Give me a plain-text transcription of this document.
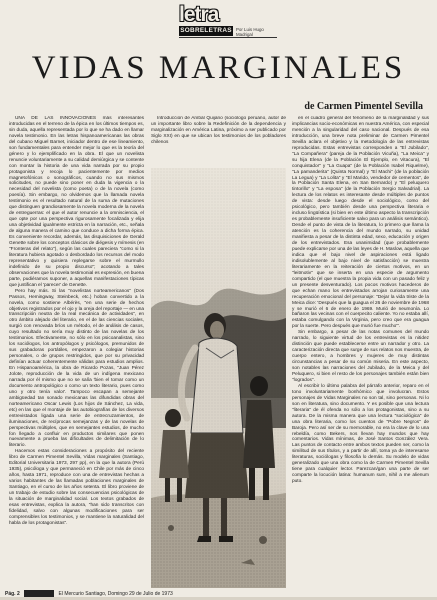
letra
SOBRELETRAS Por Luis Hugo Madrigal
VIDAS MARGINALES
de Carmen Pimentel Sevilla

UNA DE LAS INNOVACIONES más interesantes introducidas en el terreno de la épica en los últimos tiempos es, sin duda, aquella representada por lo que se ha dado en llamar novela testimonio. En las letras hispanoamericanas las obras del cubano Miguel Barnet, iniciador dentro de ese lineamiento, son fundamentales para entender mejor lo que es la teoría del género y lo ejemplificado en la obra. El que un novelista renuncie voluntariamente a su calidad demiúrgica y se contente con montar la historia de una vida narrada por su propio protagonista y recoja lo pacientemente por medios magnetofónicos o sonográficos, cuando no sus mismos solicitudes, no puede sino poner en duda la vigencia o la necesidad del novelista (como poeta) o de la novela (como poesía). Sin embargo, no olvidemos que la llamada novela testimonio es el resultado natural de la suma de mutaciones que distinguen grandiosamente la novela moderna de la novela de entreguerras: el que el autor renuncie a la omnisciencia, el que opte por una perspectiva rigurosamente focalizada y elija una objetividad igualmente estricta en la narración, etc., señala de alguna manera el camino que conduce a dicha forma épica. Es conveniente recordar, además, las disquisiciones de Gerald Genette sobre los conceptos clásicos de diégesis y mímesis (en "Fronteras del relato"), según las cuales pareciera "como si la literatura hubiera agotado o desbordado los recursos del modo representativo y quisiera replegarse sobre el murmullo indefinido de su propio discurso"; acotando a tales observaciones que la novela testimonial es expresión, en buena parte, pudiéramos suponer, a aquellas manifestaciones típicas que justifican el 'parecer' de Genette.

Pero hay más. Si las "novelistas norteamericanos" (Dos Passos, Hemingway, Steinbeck, etc.) hoban convertido a la novela, como sostiene Albérès, "en una serie de hechos objetivos registrados por el ojo y la oreja del reportaje — en una transcripción neutra de la real mecánica de actividades", en otro ámbito alejado del literario, en el de las ciencias sociales, surgió con renovada bríos un método, el de análisis de casos, cuyo resultado no sería muy distinto de las novelas de los testimonios. Efectivamente, no sólo en los psicoanalistas, sino los sociólogos, los antropólogos y psicólogos, premunidos de sus grabadoras portátiles, empezaron a colegiar historias personales, o de grupos restringidos, que por su privacidad definían actuar coherentemente válidas para estudios amplios. En Hispanoamérica, la obra de Ricardo Pozas, "Juan Pérez Jolote, reproducción de la vida de un indígena mexicano narrada por él mismo que no se salía 'bien el tomar como un documento antropológico o como un texto literario, pues como uno y otro tenía valor'. Tampoco escapan a semejante ambigüedad tan sonado mexicanas las difundidas obras del norteamericano Oscar Lewis (Los hijos de Sánchez, La vida, etc) en las que el montaje de las autobiografías de los diversos entrevistados ligada una serie de entrecruzamientos, de iluminaciones, de recíprocas semejanzas y de las novelas de perspectivas múltiples, que en semejantes estudios, de mucho fon llegado a confluir en productos similares que ponen nuevamente a prueba las dificultades de delimitación de lo literario.

Hacemos estas consideraciones a propósito del reciente libro de Carmen Pimentel Sevilla, Vidas marginales (Santiago, Editorial Universitaria 1973, 297 pp), en la que la autora (Perú 1935), psicóloga y que permaneció en Chile por más de cinco años, hasta 1971, reproduce con una de entrevistas hechas a varios habitantes de las llamadas poblaciones marginales de Santiago, en el curso de los años setenta. El libro proviene de un trabajo de estudio sobre las consecuencias psicológicas de la situación de marginalidad social. Los textos grabados de esas entrevistas, explica la autora, "han sido transcritos con fidelidad, salvo con algunas modificaciones para ser comprensibles los testimonios, y se mantiene la naturalidad del habla de los protagonistas".

Introducción de Aníbal Quijano (sociólogo peruano, autor de un importante libro sobre la Redefinición de la dependencia y marginalización en América Latina, próximo a ser publicado por Siglo XXI) en que se ubican los testimonios de los pobladores chilenos

en el cuadro general del fenómeno de la marginalidad y sus implicancias socio-económicas en nuestra América, con especial mención a la singularidad del caso nacional. Después de esa introducción, una breve nota preliminar de Carmen Pimentel Sevilla aclara el objetivo y la metodología de las entrevistas reproducidas. Estas entrevistas corresponden a "El Jubilado", "La Compañera" (pareja de la Población Vicuña), "La Meica" y su hija Elena (de la Población El Ejemplo, en Vitacura), "El conquistador" y "La Guapa" (de la Población Isabel Riquelme), "La pamanderita" (Quinta Normal) y "El Machi" (de la población La Legua) y "La Lolita" y "El Marido, vendedor de cementos", de la Población Santa Elena, en San Bernardo) y "El peluquero tintorillo" y "La esposa" (de la Población Sergio Salvadrial). La lectura de los relatos es interesante desde múltiples de puntos de vista: desde luego desde el sociológico, como del psicológico, pero también desde una perspectiva literaria e incluso lingüística (si bien en este último aspecto la transcripción es probablemente insuficiente salvo para un análisis semántico). Desde el punto de vista de la literatura, lo primero que llama la atención es la coherencia del mundo narrado, su unidad manifiesta a pesar de la distinta edad, sexo, educación y origen de los entrevistados. Esa unanimidad (que probablemente puede explicarse por una de las leyes de H. Maslow, aquella que indica que el bajo nivel de aspiraciones está ligado indisolublemente al bajo nivel de satisfacción) se muestra literariamente en la reiteración de ciertos motivos, en un "leitmotiv" que se inserta en una especie de argumento compartido (el que muestra la propia vida con un pasado feliz y un presente desventurado). Los pocos motivos hacederos de que echan mano los entrevistados arrojan curiosamente una recuperación emocional del personaje: "Dejar la vida triste de la Meica dice: 'Después que la guagua el 26 de noviembre de 1968 y se murió el 6 de enero de 1969. Murió de neumonía. Lo bañaron las vecinas con el cuerpecito caliente. Yo no estaba allí, estaba comulgando con la Virginia, pero creo que era guagua por la suerte. Pero después que murió fue mucho'".

Sin embargo, a pesar de las notas comunes del mundo narrado, lo siguiente virtud de los entrevistas es la nitidez distinción que puede establecerse entre un narrador y otro. La caracterización directa que surge de sus relatos nos muestra, de cuerpo entero, a hombres y mujeres de muy distintas circunstancias a pesar de su común miseria. En este aspecto, son notables las narraciones del Jubilado, de la Meica y del Peluquero, si bien el resto de los personajes también están bien "logrados".

Al escribir lo último palabra del párrafo anterior, reparo en el tono involuntariamente bonhómico que involucran. Estos personajes de Vidas Marginales no son tal, sino personas. Ni lo son en literatura, sino documento. Y es posible que una lectura "literaria" de él ofenda no sólo a los protagonistas, sino a su autora. De la misma manera que una lectura "sociológica" de una obra literaria, como los cuentos de "Pobre Negros" de Baroja. Pero así ser de su memorable, no era la clave de lo una rebeldía, como Bekers, nos llevan hay mundos que hay comentarios. Vidas mínimas, de José Santos González Vera. Las puntos de contacto entre ambos textos pueden ser, como la similitud de sus títulos, y a partir de allí, toma ya de interesarse literaturas, sociólogas y filosofía lo demás. Su modelo de vidas generalizado que una obra como la de Carmen Pimentel Sevilla tiene para cualquier lector. Parezcan/gan una parte de ser comparte la locución latina: humanum sum, nihil a me alienum puto.

Pág. 2	El Mercurio Santiago, Domingo 29 de Julio de 1973
